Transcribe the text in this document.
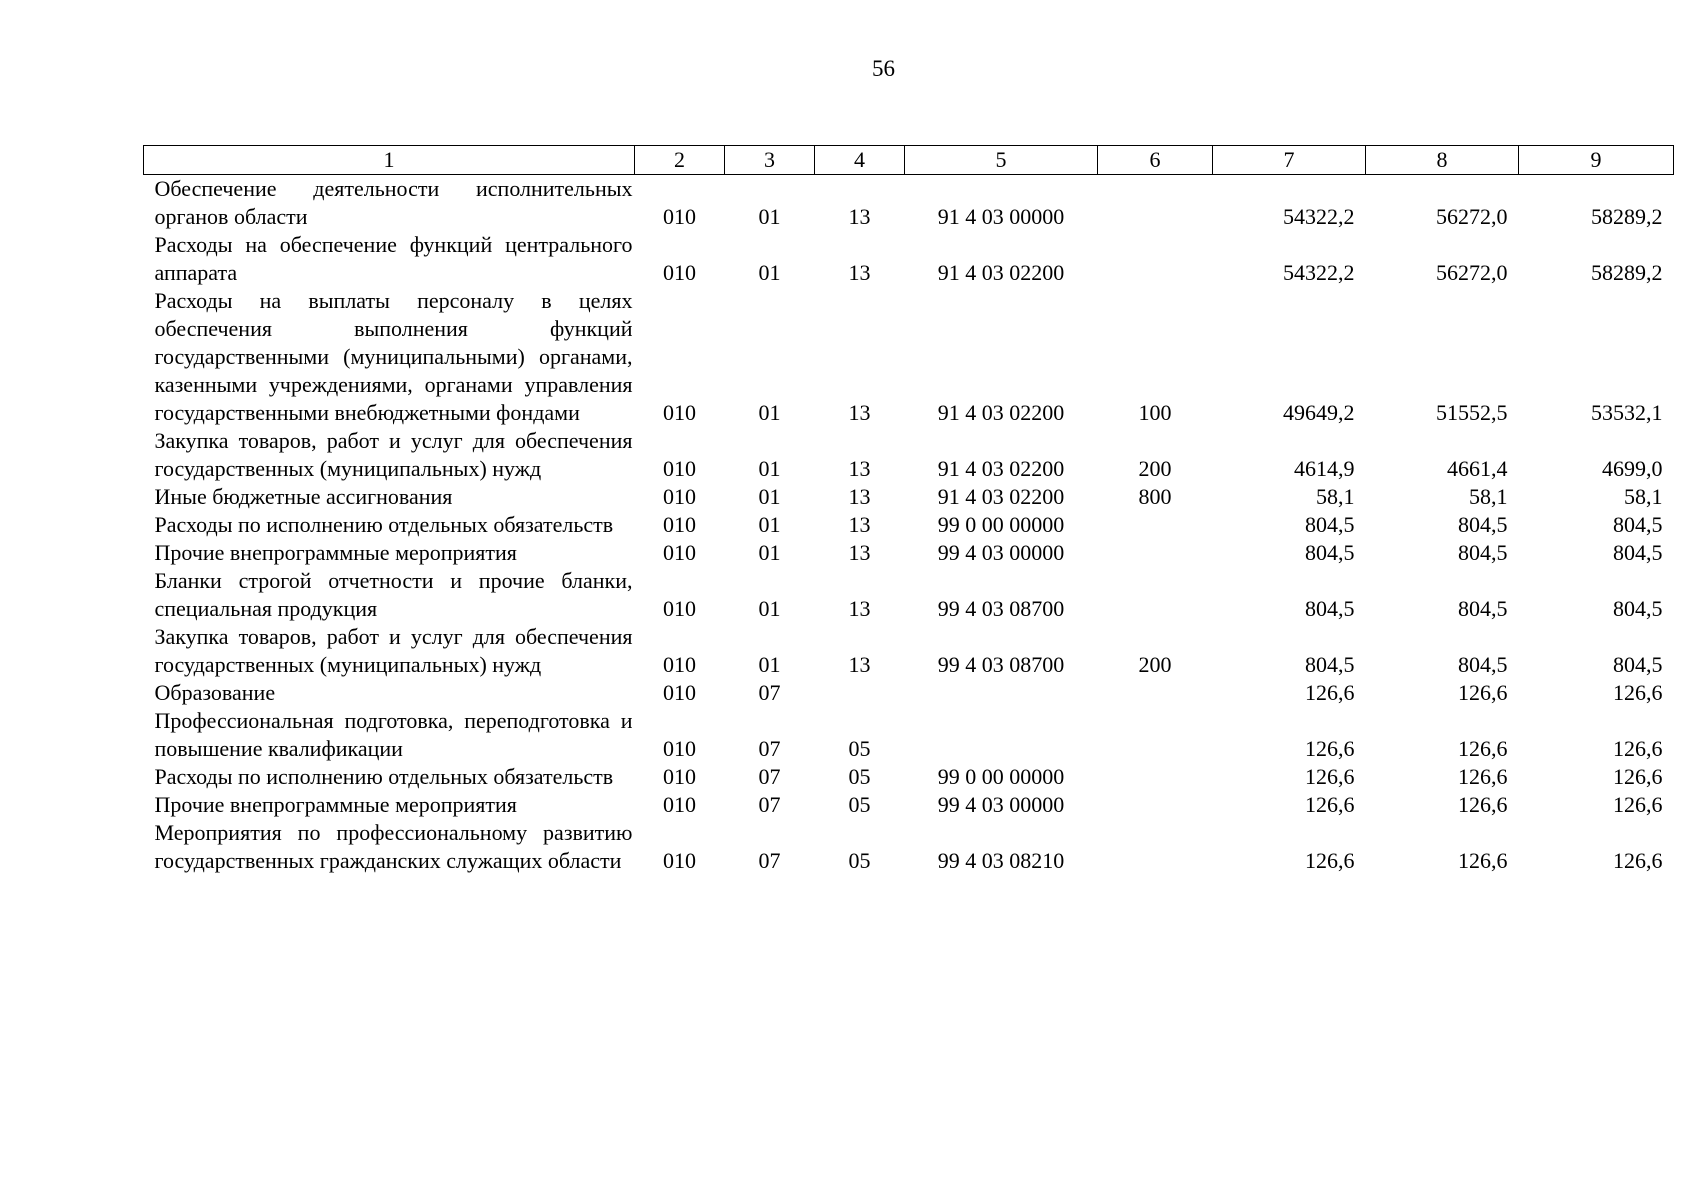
56
1	2	3	4	5	6	7	8	9
Обеспечение деятельности исполнительных органов области	010	01	13	91 4 03 00000		54322,2	56272,0	58289,2
Расходы на обеспечение функций центрального аппарата	010	01	13	91 4 03 02200		54322,2	56272,0	58289,2
Расходы на выплаты персоналу в целях обеспечения выполнения функций государственными (муниципальными) органами, казенными учреждениями, органами управления государственными внебюджетными фондами	010	01	13	91 4 03 02200	100	49649,2	51552,5	53532,1
Закупка товаров, работ и услуг для обеспечения государственных (муниципальных) нужд	010	01	13	91 4 03 02200	200	4614,9	4661,4	4699,0
Иные бюджетные ассигнования	010	01	13	91 4 03 02200	800	58,1	58,1	58,1
Расходы по исполнению отдельных обязательств	010	01	13	99 0 00 00000		804,5	804,5	804,5
Прочие внепрограммные мероприятия	010	01	13	99 4 03 00000		804,5	804,5	804,5
Бланки строгой отчетности и прочие бланки, специальная продукция	010	01	13	99 4 03 08700		804,5	804,5	804,5
Закупка товаров, работ и услуг для обеспечения государственных (муниципальных) нужд	010	01	13	99 4 03 08700	200	804,5	804,5	804,5
Образование	010	07				126,6	126,6	126,6
Профессиональная подготовка, переподготовка и повышение квалификации	010	07	05			126,6	126,6	126,6
Расходы по исполнению отдельных обязательств	010	07	05	99 0 00 00000		126,6	126,6	126,6
Прочие внепрограммные мероприятия	010	07	05	99 4 03 00000		126,6	126,6	126,6
Мероприятия по профессиональному развитию государственных гражданских служащих области	010	07	05	99 4 03 08210		126,6	126,6	126,6
